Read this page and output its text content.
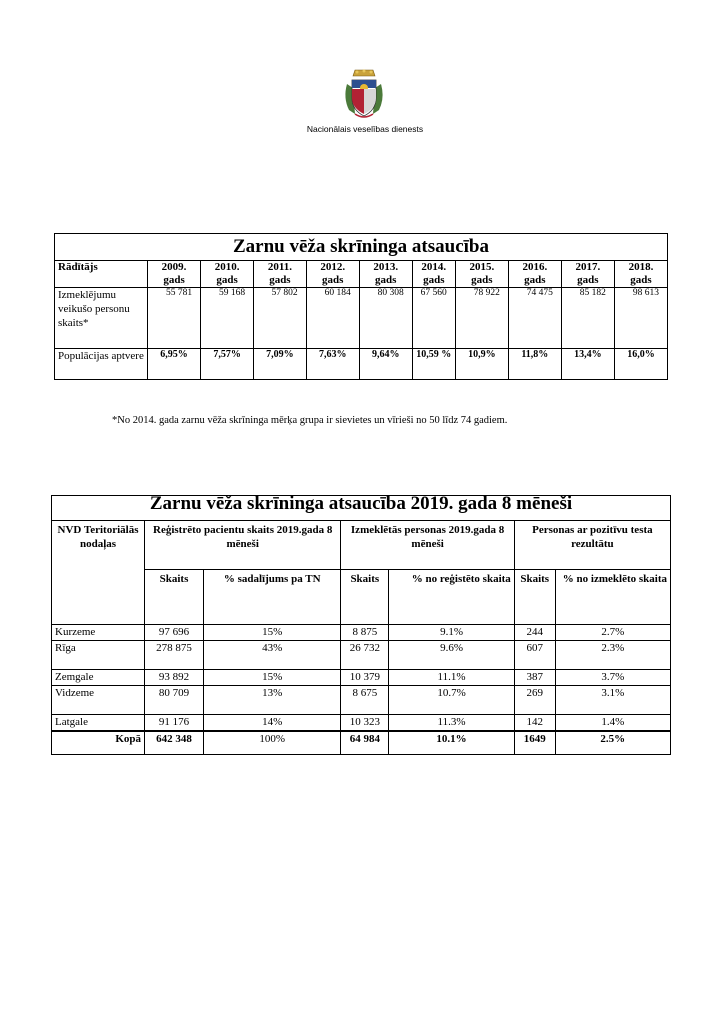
Nacionālais veselības dienests
Zarnu vēža skrīninga atsaucība										
Rādītājs	2009. gads	2010. gads	2011. gads	2012. gads	2013. gads	2014. gads	2015. gads	2016. gads	2017. gads	2018. gads
Izmeklējumu veikušo personu skaits*	55 781	59 168	57 802	60 184	80 308	67 560	78 922	74 475	85 182	98 613
Populācijas aptvere	6,95%	7,57%	7,09%	7,63%	9,64%	10,59 %	10,9%	11,8%	13,4%	16,0%
*No 2014. gada zarnu vēža skrīninga mērķa grupa ir sievietes un vīrieši no 50 līdz 74 gadiem.
Zarnu vēža skrīninga atsaucība 2019. gada 8 mēneši						
NVD Teritoriālās nodaļas	Reģistrēto pacientu skaits 2019.gada 8 mēneši		Izmeklētās personas 2019.gada 8 mēneši		Personas ar pozitīvu testa rezultātu	
	Skaits	% sadalījums pa TN	Skaits	% no reģistēto skaita	Skaits	% no izmeklēto skaita
Kurzeme	97 696	15%	8 875	9.1%	244	2.7%
Rīga	278 875	43%	26 732	9.6%	607	2.3%
Zemgale	93 892	15%	10 379	11.1%	387	3.7%
Vidzeme	80 709	13%	8 675	10.7%	269	3.1%
Latgale	91 176	14%	10 323	11.3%	142	1.4%
Kopā	642 348	100%	64 984	10.1%	1649	2.5%
